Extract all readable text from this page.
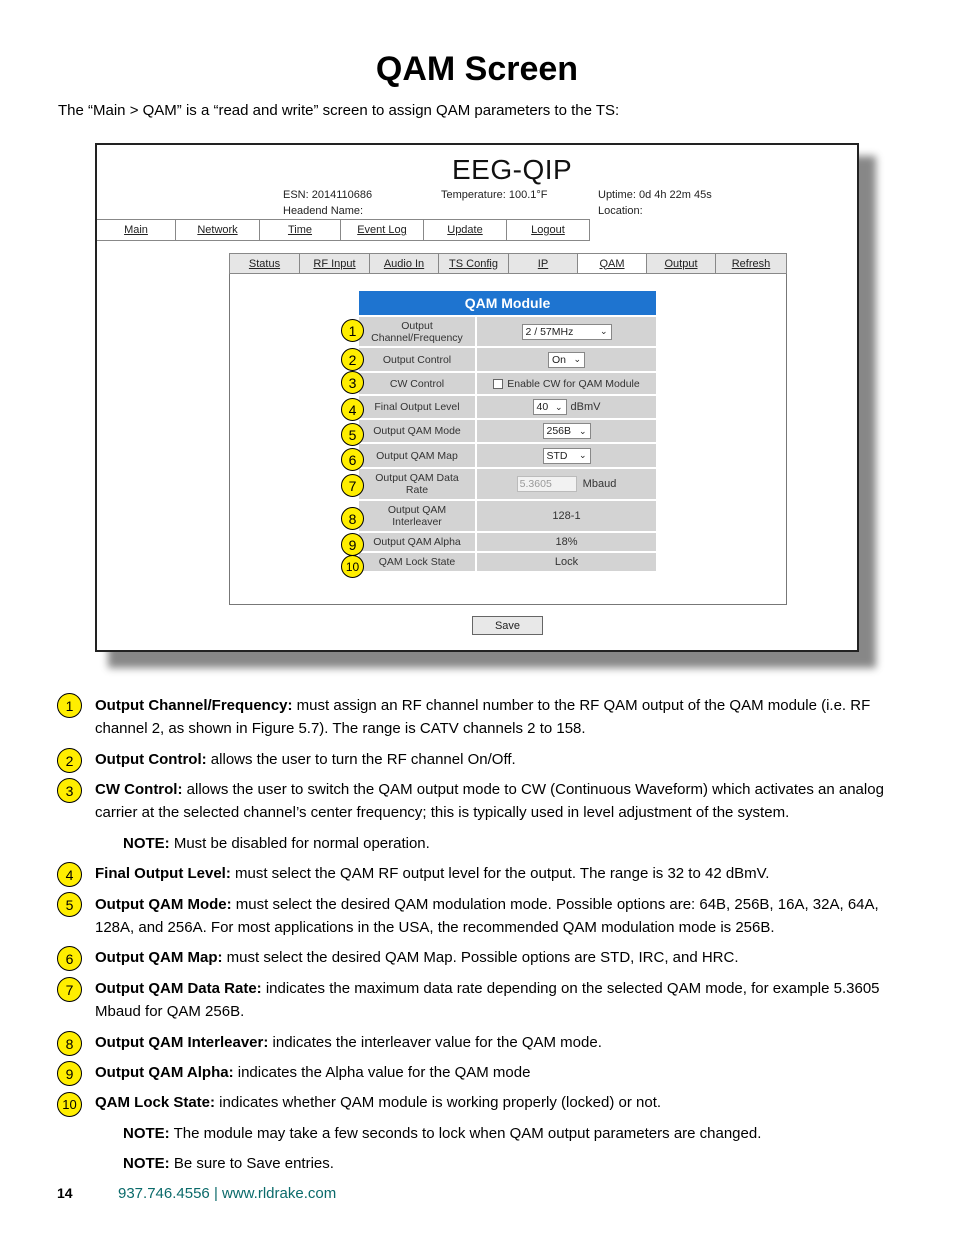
QAM Screen
The “Main > QAM” is a “read and write” screen to assign QAM parameters to the TS:
EEG-QIP
ESN: 2014110686
Headend Name:
Temperature: 100.1°F	Uptime: 0d 4h 22m 45s
Location:
Main	Network	Time	Event Log	Update	Logout
Status	RF Input	Audio In	TS Config	IP	QAM	Output	Refresh
QAM Module
Output Channel/Frequency	2 / 57MHz	⌄
Output Control	On ⌄
CW Control	Enable CW for QAM Module
Final Output Level	40 ⌄ dBmV
Output QAM Mode	256B ⌄
Output QAM Map	STD ⌄
Output QAM Data Rate	5.3605	Mbaud
Output QAM Interleaver	128-1
Output QAM Alpha	18%
QAM Lock State	Lock
1
2
3
4
5
6
7
8
9
10
Save
1	Output Channel/Frequency: must assign an RF channel number to the RF QAM output of the QAM module (i.e. RF channel 2, as shown in Figure 5.7). The range is CATV channels 2 to 158.
2	Output Control: allows the user to turn the RF channel On/Off.
3	CW Control: allows the user to switch the QAM output mode to CW (Continuous Waveform) which activates an analog carrier at the selected channel’s center frequency; this is typically used in level adjustment of the system.
NOTE: Must be disabled for normal operation.
4	Final Output Level: must select the QAM RF output level for the output. The range is 32 to 42 dBmV.
5	Output QAM Mode: must select the desired QAM modulation mode. Possible options are: 64B, 256B, 16A, 32A, 64A, 128A, and 256A. For most applications in the USA, the recommended QAM modulation mode is 256B.
6	Output QAM Map: must select the desired QAM Map. Possible options are STD, IRC, and HRC.
7	Output QAM Data Rate: indicates the maximum data rate depending on the selected QAM mode, for example 5.3605 Mbaud for QAM 256B.
8	Output QAM Interleaver: indicates the interleaver value for the QAM mode.
9	Output QAM Alpha: indicates the Alpha value for the QAM mode
10	QAM Lock State: indicates whether QAM module is working properly (locked) or not.
NOTE: The module may take a few seconds to lock when QAM output parameters are changed.
NOTE: Be sure to Save entries.
14	937.746.4556 | www.rldrake.com
